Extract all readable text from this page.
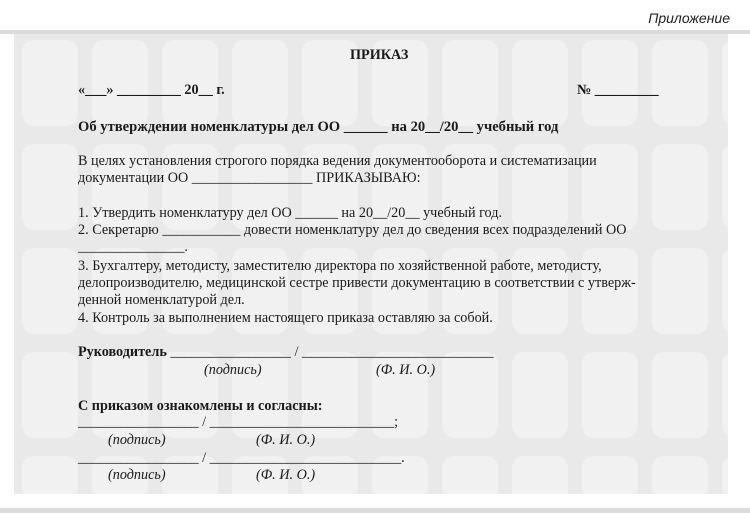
Приложение
ПРИКАЗ
«___» _________ 20__ г.	№ _________
Об утверждении номенклатуры дел ОО ______ на 20__/20__ учебный год
В целях установления строгого порядка ведения документооборота и систематизации
документации ОО _________________ ПРИКАЗЫВАЮ:
1. Утвердить номенклатуру дел ОО ______ на 20__/20__ учебный год.
2. Секретарю ___________ довести номенклатуру дел до сведения всех подразделений ОО
_______________.
3. Бухгалтеру, методисту, заместителю директора по хозяйственной работе, методисту,
делопроизводителю, медицинской сестре привести документацию в соответствии с утверж-
денной номенклатурой дел.
4. Контроль за выполнением настоящего приказа оставляю за собой.
Руководитель _________________ / ___________________________
(подпись)	(Ф. И. О.)
С приказом ознакомлены и согласны:
_________________ / __________________________;
(подпись)	(Ф. И. О.)
_________________ / ___________________________.
(подпись)	(Ф. И. О.)
